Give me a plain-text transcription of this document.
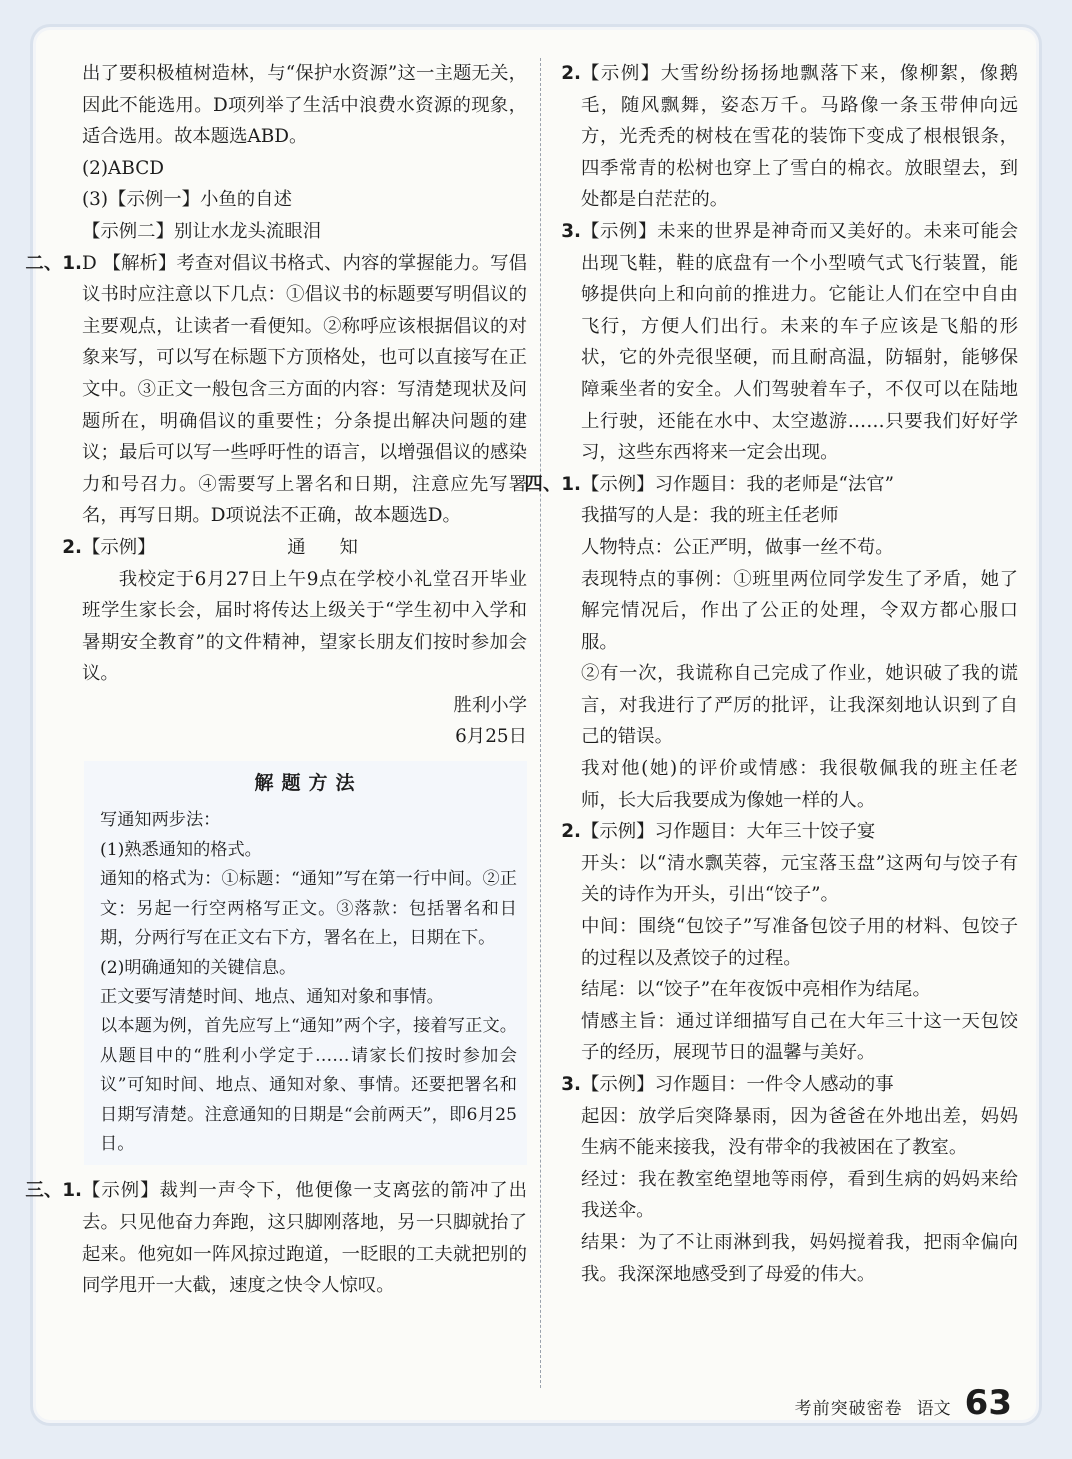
出了要积极植树造林，与“保护水资源”这一主题无关，因此不能选用。D项列举了生活中浪费水资源的现象，适合选用。故本题选ABD。

(2)ABCD

(3)【示例一】小鱼的自述

【示例二】别让水龙头流眼泪

二、1. D 【解析】考查对倡议书格式、内容的掌握能力。写倡议书时应注意以下几点：①倡议书的标题要写明倡议的主要观点，让读者一看便知。②称呼应该根据倡议的对象来写，可以写在标题下方顶格处，也可以直接写在正文中。③正文一般包含三方面的内容：写清楚现状及问题所在，明确倡议的重要性；分条提出解决问题的建议；最后可以写一些呼吁性的语言，以增强倡议的感染力和号召力。④需要写上署名和日期，注意应先写署名，再写日期。D项说法不正确，故本题选D。

2. 【示例】	通 知

我校定于6月27日上午9点在学校小礼堂召开毕业班学生家长会，届时将传达上级关于“学生初中入学和暑期安全教育”的文件精神，望家长朋友们按时参加会议。

胜利小学

6月25日

解题方法

写通知两步法：

(1)熟悉通知的格式。

通知的格式为：①标题：“通知”写在第一行中间。②正文：另起一行空两格写正文。③落款：包括署名和日期，分两行写在正文右下方，署名在上，日期在下。

(2)明确通知的关键信息。

正文要写清楚时间、地点、通知对象和事情。

以本题为例，首先应写上“通知”两个字，接着写正文。从题目中的“胜利小学定于……请家长们按时参加会议”可知时间、地点、通知对象、事情。还要把署名和日期写清楚。注意通知的日期是“会前两天”，即6月25日。

三、1. 【示例】裁判一声令下，他便像一支离弦的箭冲了出去。只见他奋力奔跑，这只脚刚落地，另一只脚就抬了起来。他宛如一阵风掠过跑道，一眨眼的工夫就把别的同学甩开一大截，速度之快令人惊叹。

2. 【示例】大雪纷纷扬扬地飘落下来，像柳絮，像鹅毛，随风飘舞，姿态万千。马路像一条玉带伸向远方，光秃秃的树枝在雪花的装饰下变成了根根银条，四季常青的松树也穿上了雪白的棉衣。放眼望去，到处都是白茫茫的。

3. 【示例】未来的世界是神奇而又美好的。未来可能会出现飞鞋，鞋的底盘有一个小型喷气式飞行装置，能够提供向上和向前的推进力。它能让人们在空中自由飞行，方便人们出行。未来的车子应该是飞船的形状，它的外壳很坚硬，而且耐高温，防辐射，能够保障乘坐者的安全。人们驾驶着车子，不仅可以在陆地上行驶，还能在水中、太空遨游……只要我们好好学习，这些东西将来一定会出现。

四、1. 【示例】习作题目：我的老师是“法官”

我描写的人是：我的班主任老师

人物特点：公正严明，做事一丝不苟。

表现特点的事例：①班里两位同学发生了矛盾，她了解完情况后，作出了公正的处理，令双方都心服口服。

②有一次，我谎称自己完成了作业，她识破了我的谎言，对我进行了严厉的批评，让我深刻地认识到了自己的错误。

我对他(她)的评价或情感：我很敬佩我的班主任老师，长大后我要成为像她一样的人。

2. 【示例】习作题目：大年三十饺子宴

开头：以“清水飘芙蓉，元宝落玉盘”这两句与饺子有关的诗作为开头，引出“饺子”。

中间：围绕“包饺子”写准备包饺子用的材料、包饺子的过程以及煮饺子的过程。

结尾：以“饺子”在年夜饭中亮相作为结尾。

情感主旨：通过详细描写自己在大年三十这一天包饺子的经历，展现节日的温馨与美好。

3. 【示例】习作题目：一件令人感动的事

起因：放学后突降暴雨，因为爸爸在外地出差，妈妈生病不能来接我，没有带伞的我被困在了教室。

经过：我在教室绝望地等雨停，看到生病的妈妈来给我送伞。

结果：为了不让雨淋到我，妈妈搅着我，把雨伞偏向我。我深深地感受到了母爱的伟大。

考前突破密卷 语文 63
